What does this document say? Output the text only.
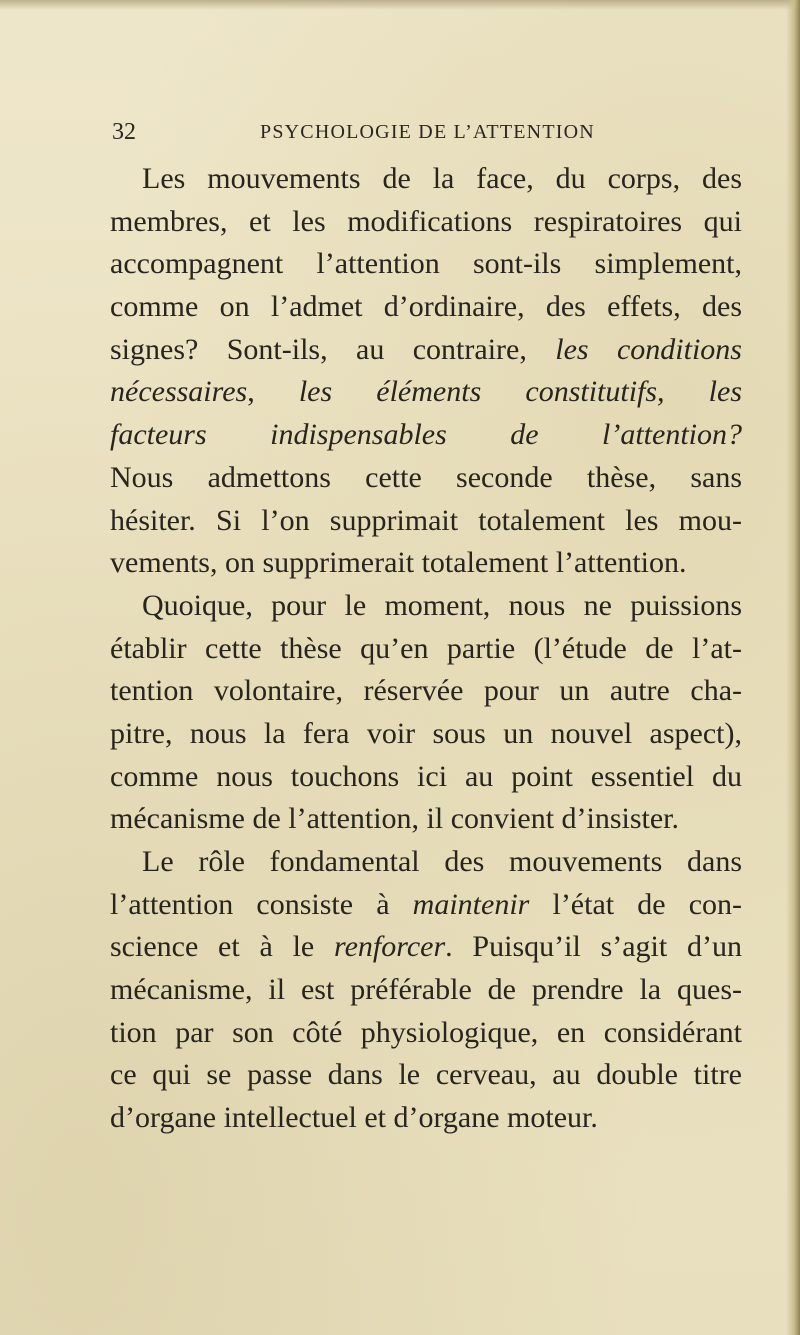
32	PSYCHOLOGIE DE L’ATTENTION
Les mouvements de la face, du corps, des
membres, et les modifications respiratoires qui
accompagnent l’attention sont-ils simplement,
comme on l’admet d’ordinaire, des effets, des
signes? Sont-ils, au contraire, les conditions
nécessaires, les éléments constitutifs, les
facteurs indispensables de l’attention?
Nous admettons cette seconde thèse, sans
hésiter. Si l’on supprimait totalement les mou-
vements, on supprimerait totalement l’attention.
Quoique, pour le moment, nous ne puissions
établir cette thèse qu’en partie (l’étude de l’at-
tention volontaire, réservée pour un autre cha-
pitre, nous la fera voir sous un nouvel aspect),
comme nous touchons ici au point essentiel du
mécanisme de l’attention, il convient d’insister.
Le rôle fondamental des mouvements dans
l’attention consiste à maintenir l’état de con-
science et à le renforcer. Puisqu’il s’agit d’un
mécanisme, il est préférable de prendre la ques-
tion par son côté physiologique, en considérant
ce qui se passe dans le cerveau, au double titre
d’organe intellectuel et d’organe moteur.
